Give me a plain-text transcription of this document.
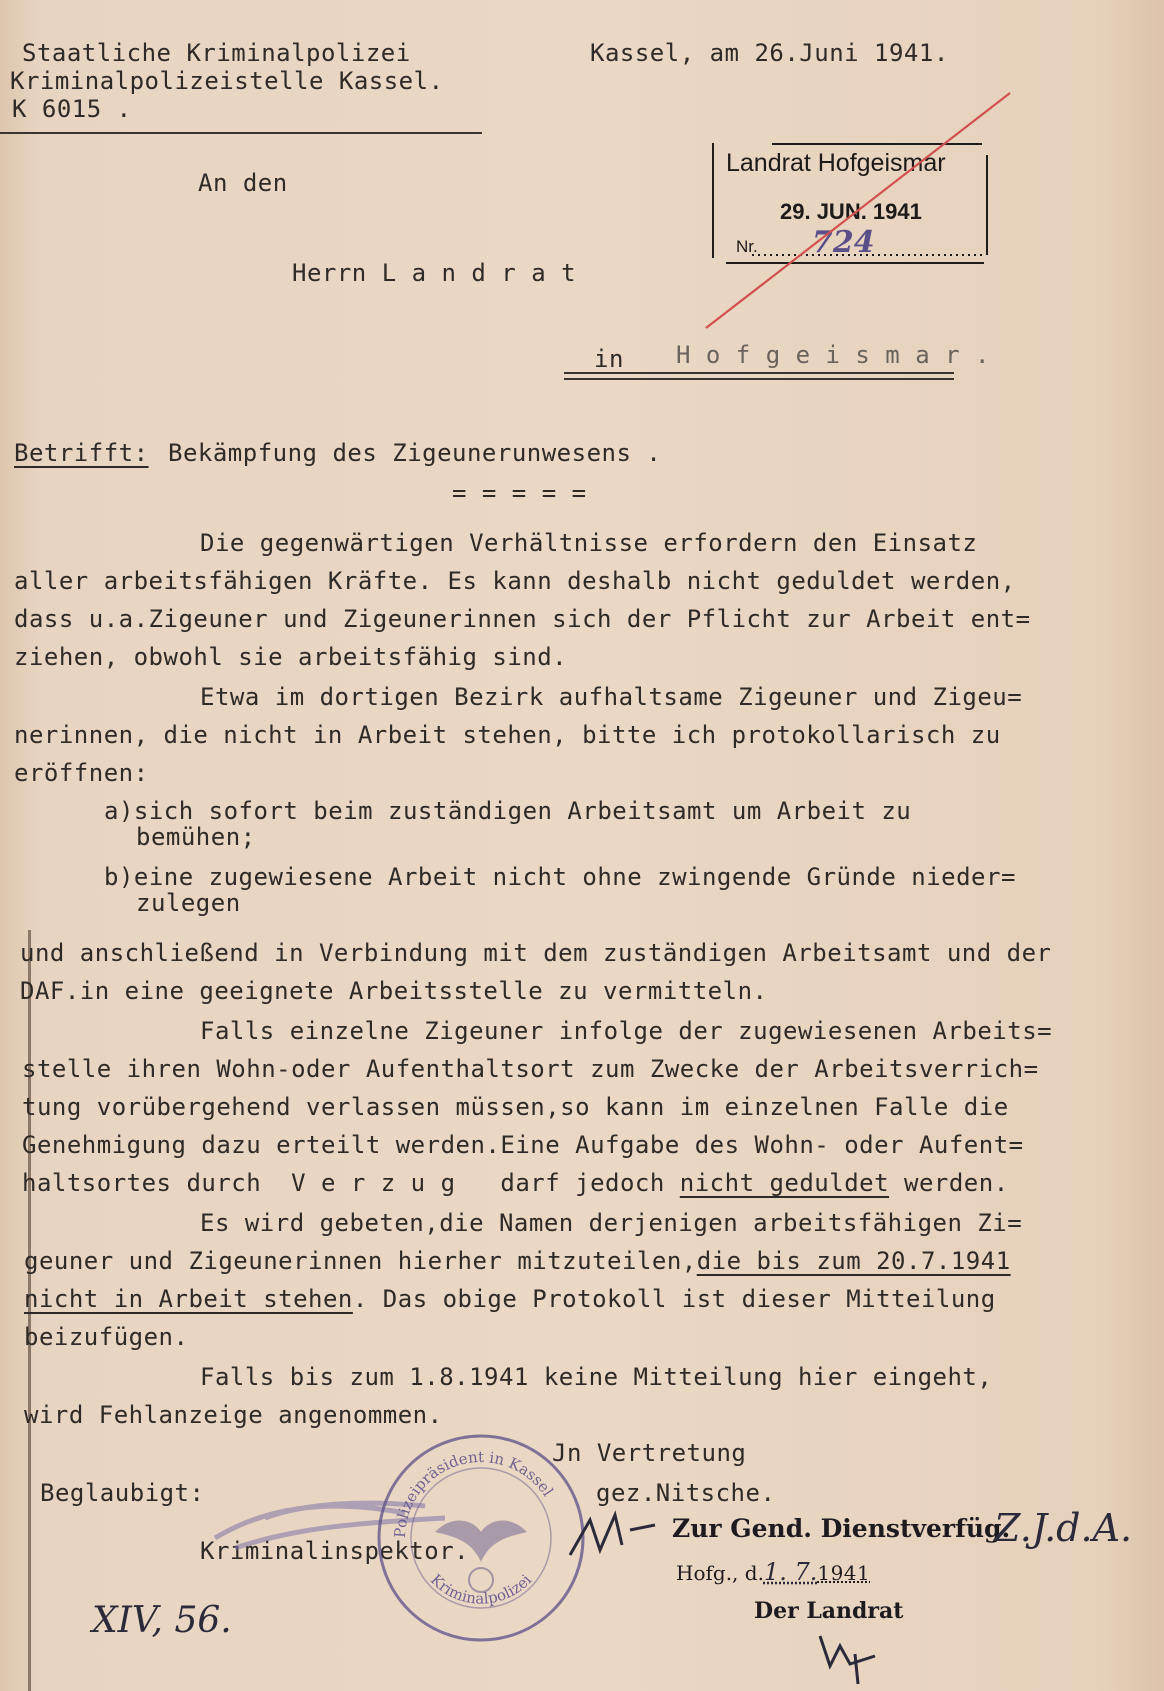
Staatliche Kriminalpolizei
Kriminalpolizeistelle Kassel.
K 6015 .
Kassel, am 26.Juni 1941.
An den
Herrn L a n d r a t
in H o f g e i s m a r .
Landrat Hofgeismar
29. JUN. 1941
Nr. 724
Betrifft: Bekämpfung des Zigeunerunwesens .
= = = = =
Die gegenwärtigen Verhältnisse erfordern den Einsatz
aller arbeitsfähigen Kräfte. Es kann deshalb nicht geduldet werden,
dass u.a.Zigeuner und Zigeunerinnen sich der Pflicht zur Arbeit ent=
ziehen, obwohl sie arbeitsfähig sind.
Etwa im dortigen Bezirk aufhaltsame Zigeuner und Zigeu=
nerinnen, die nicht in Arbeit stehen, bitte ich protokollarisch zu
eröffnen:
a)sich sofort beim zuständigen Arbeitsamt um Arbeit zu
bemühen;
b)eine zugewiesene Arbeit nicht ohne zwingende Gründe nieder=
zulegen
und anschließend in Verbindung mit dem zuständigen Arbeitsamt und der
DAF.in eine geeignete Arbeitsstelle zu vermitteln.
Falls einzelne Zigeuner infolge der zugewiesenen Arbeits=
stelle ihren Wohn-oder Aufenthaltsort zum Zwecke der Arbeitsverrich=
tung vorübergehend verlassen müssen,so kann im einzelnen Falle die
Genehmigung dazu erteilt werden.Eine Aufgabe des Wohn- oder Aufent=
haltsortes durch  V e r z u g   darf jedoch nicht geduldet werden.
Es wird gebeten,die Namen derjenigen arbeitsfähigen Zi=
geuner und Zigeunerinnen hierher mitzuteilen,die bis zum 20.7.1941
nicht in Arbeit stehen. Das obige Protokoll ist dieser Mitteilung
beizufügen.
Falls bis zum 1.8.1941 keine Mitteilung hier eingeht,
wird Fehlanzeige angenommen.
Jn Vertretung
Beglaubigt:	gez.Nitsche.
Kriminalinspektor.
Polizeipräsident in Kassel
Kriminalpolizei
Zur Gend. Dienstverfüg.
Hofg., d.1. 7.1941
Der Landrat
Z.J.d.A.
XIV, 56.
